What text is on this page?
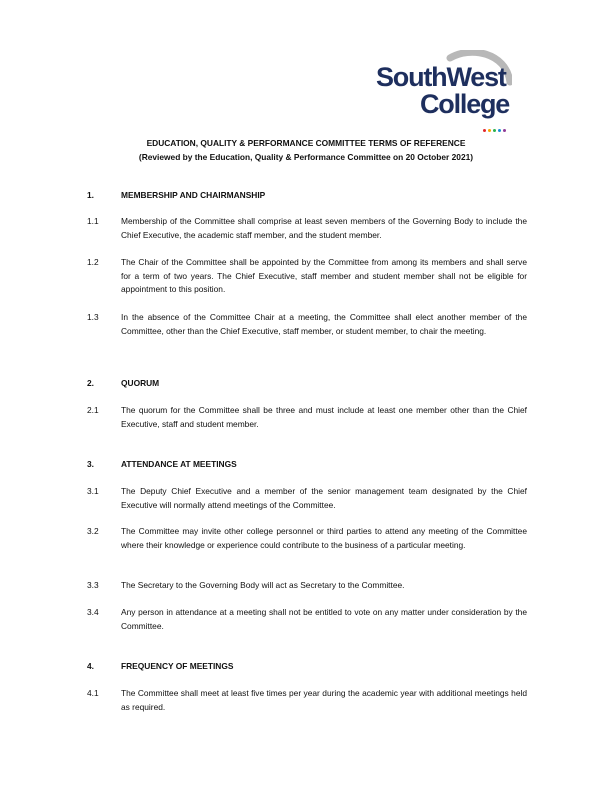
SouthWest
College
EDUCATION, QUALITY & PERFORMANCE COMMITTEE TERMS OF REFERENCE
(Reviewed by the Education, Quality & Performance Committee on 20 October 2021)
1.	MEMBERSHIP AND CHAIRMANSHIP
1.1	Membership of the Committee shall comprise at least seven members of the Governing Body to include the Chief Executive, the academic staff member, and the student member.
1.2	The Chair of the Committee shall be appointed by the Committee from among its members and shall serve for a term of two years. The Chief Executive, staff member and student member shall not be eligible for appointment to this position.
1.3	In the absence of the Committee Chair at a meeting, the Committee shall elect another member of the Committee, other than the Chief Executive, staff member, or student member, to chair the meeting.
2.	QUORUM
2.1	The quorum for the Committee shall be three and must include at least one member other than the Chief Executive, staff and student member.
3.	ATTENDANCE AT MEETINGS
3.1	The Deputy Chief Executive and a member of the senior management team designated by the Chief Executive will normally attend meetings of the Committee.
3.2	The Committee may invite other college personnel or third parties to attend any meeting of the Committee where their knowledge or experience could contribute to the business of a particular meeting.
3.3	The Secretary to the Governing Body will act as Secretary to the Committee.
3.4	Any person in attendance at a meeting shall not be entitled to vote on any matter under consideration by the Committee.
4.	FREQUENCY OF MEETINGS
4.1	The Committee shall meet at least five times per year during the academic year with additional meetings held as required.
